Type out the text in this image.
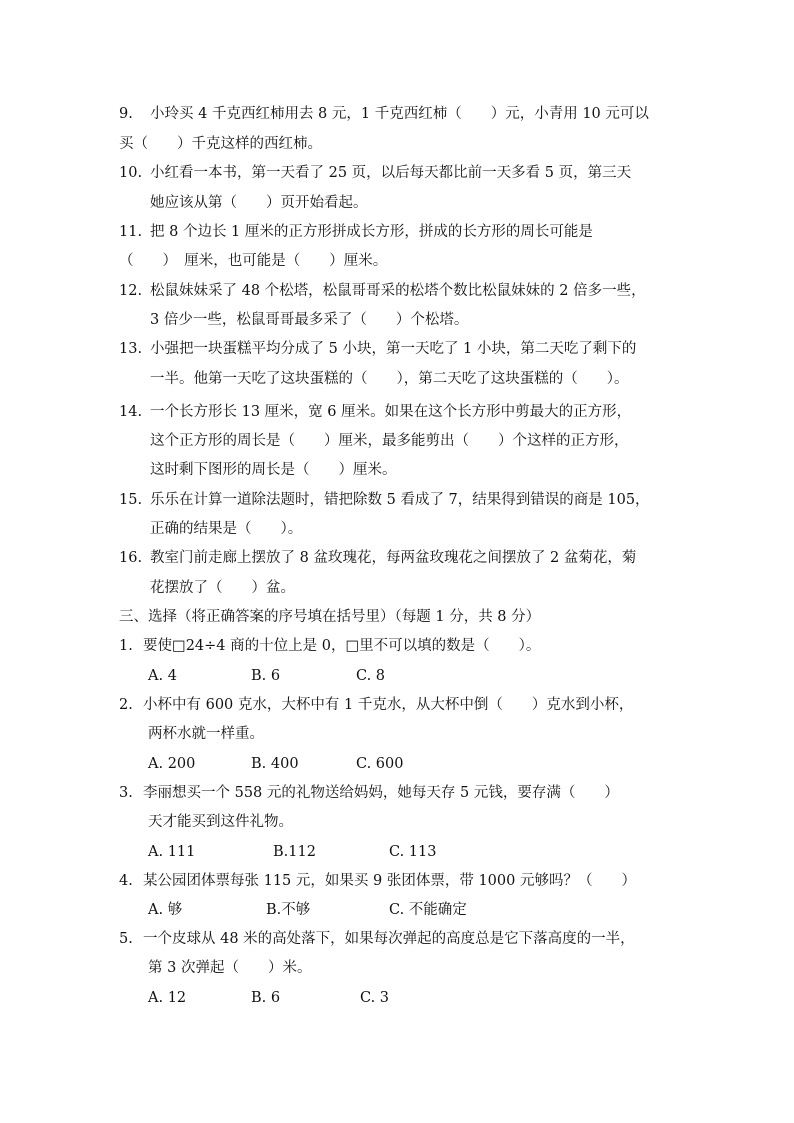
9. 小玲买 4 千克西红柿用去 8 元，1 千克西红柿（　　）元，小青用 10 元可以
买（　　）千克这样的西红柿。
10. 小红看一本书，第一天看了 25 页，以后每天都比前一天多看 5 页，第三天
她应该从第（　　）页开始看起。
11. 把 8 个边长 1 厘米的正方形拼成长方形，拼成的长方形的周长可能是
（　　）　厘米，也可能是（　　）厘米。
12. 松鼠妹妹采了 48 个松塔，松鼠哥哥采的松塔个数比松鼠妹妹的 2 倍多一些，
3 倍少一些，松鼠哥哥最多采了（　　）个松塔。
13. 小强把一块蛋糕平均分成了 5 小块，第一天吃了 1 小块，第二天吃了剩下的
一半。他第一天吃了这块蛋糕的（　　），第二天吃了这块蛋糕的（　　）。
14. 一个长方形长 13 厘米，宽 6 厘米。如果在这个长方形中剪最大的正方形，
这个正方形的周长是（　　）厘米，最多能剪出（　　）个这样的正方形，
这时剩下图形的周长是（　　）厘米。
15. 乐乐在计算一道除法题时，错把除数 5 看成了 7，结果得到错误的商是 105，
正确的结果是（　　）。
16. 教室门前走廊上摆放了 8 盆玫瑰花，每两盆玫瑰花之间摆放了 2 盆菊花，菊
花摆放了（　　）盆。
三、选择（将正确答案的序号填在括号里）（每题 1 分，共 8 分）
1. 要使□24÷4 商的十位上是 0，□里不可以填的数是（　　）。
A. 4	B. 6	C. 8
2. 小杯中有 600 克水，大杯中有 1 千克水，从大杯中倒（　　）克水到小杯，
两杯水就一样重。
A. 200	B. 400	C. 600
3. 李丽想买一个 558 元的礼物送给妈妈，她每天存 5 元钱，要存满（　　）
天才能买到这件礼物。
A. 111	B.112	C. 113
4. 某公园团体票每张 115 元，如果买 9 张团体票，带 1000 元够吗？（　　）
A. 够	B.不够	C. 不能确定
5. 一个皮球从 48 米的高处落下，如果每次弹起的高度总是它下落高度的一半，
第 3 次弹起（　　）米。
A. 12	B. 6	C. 3
